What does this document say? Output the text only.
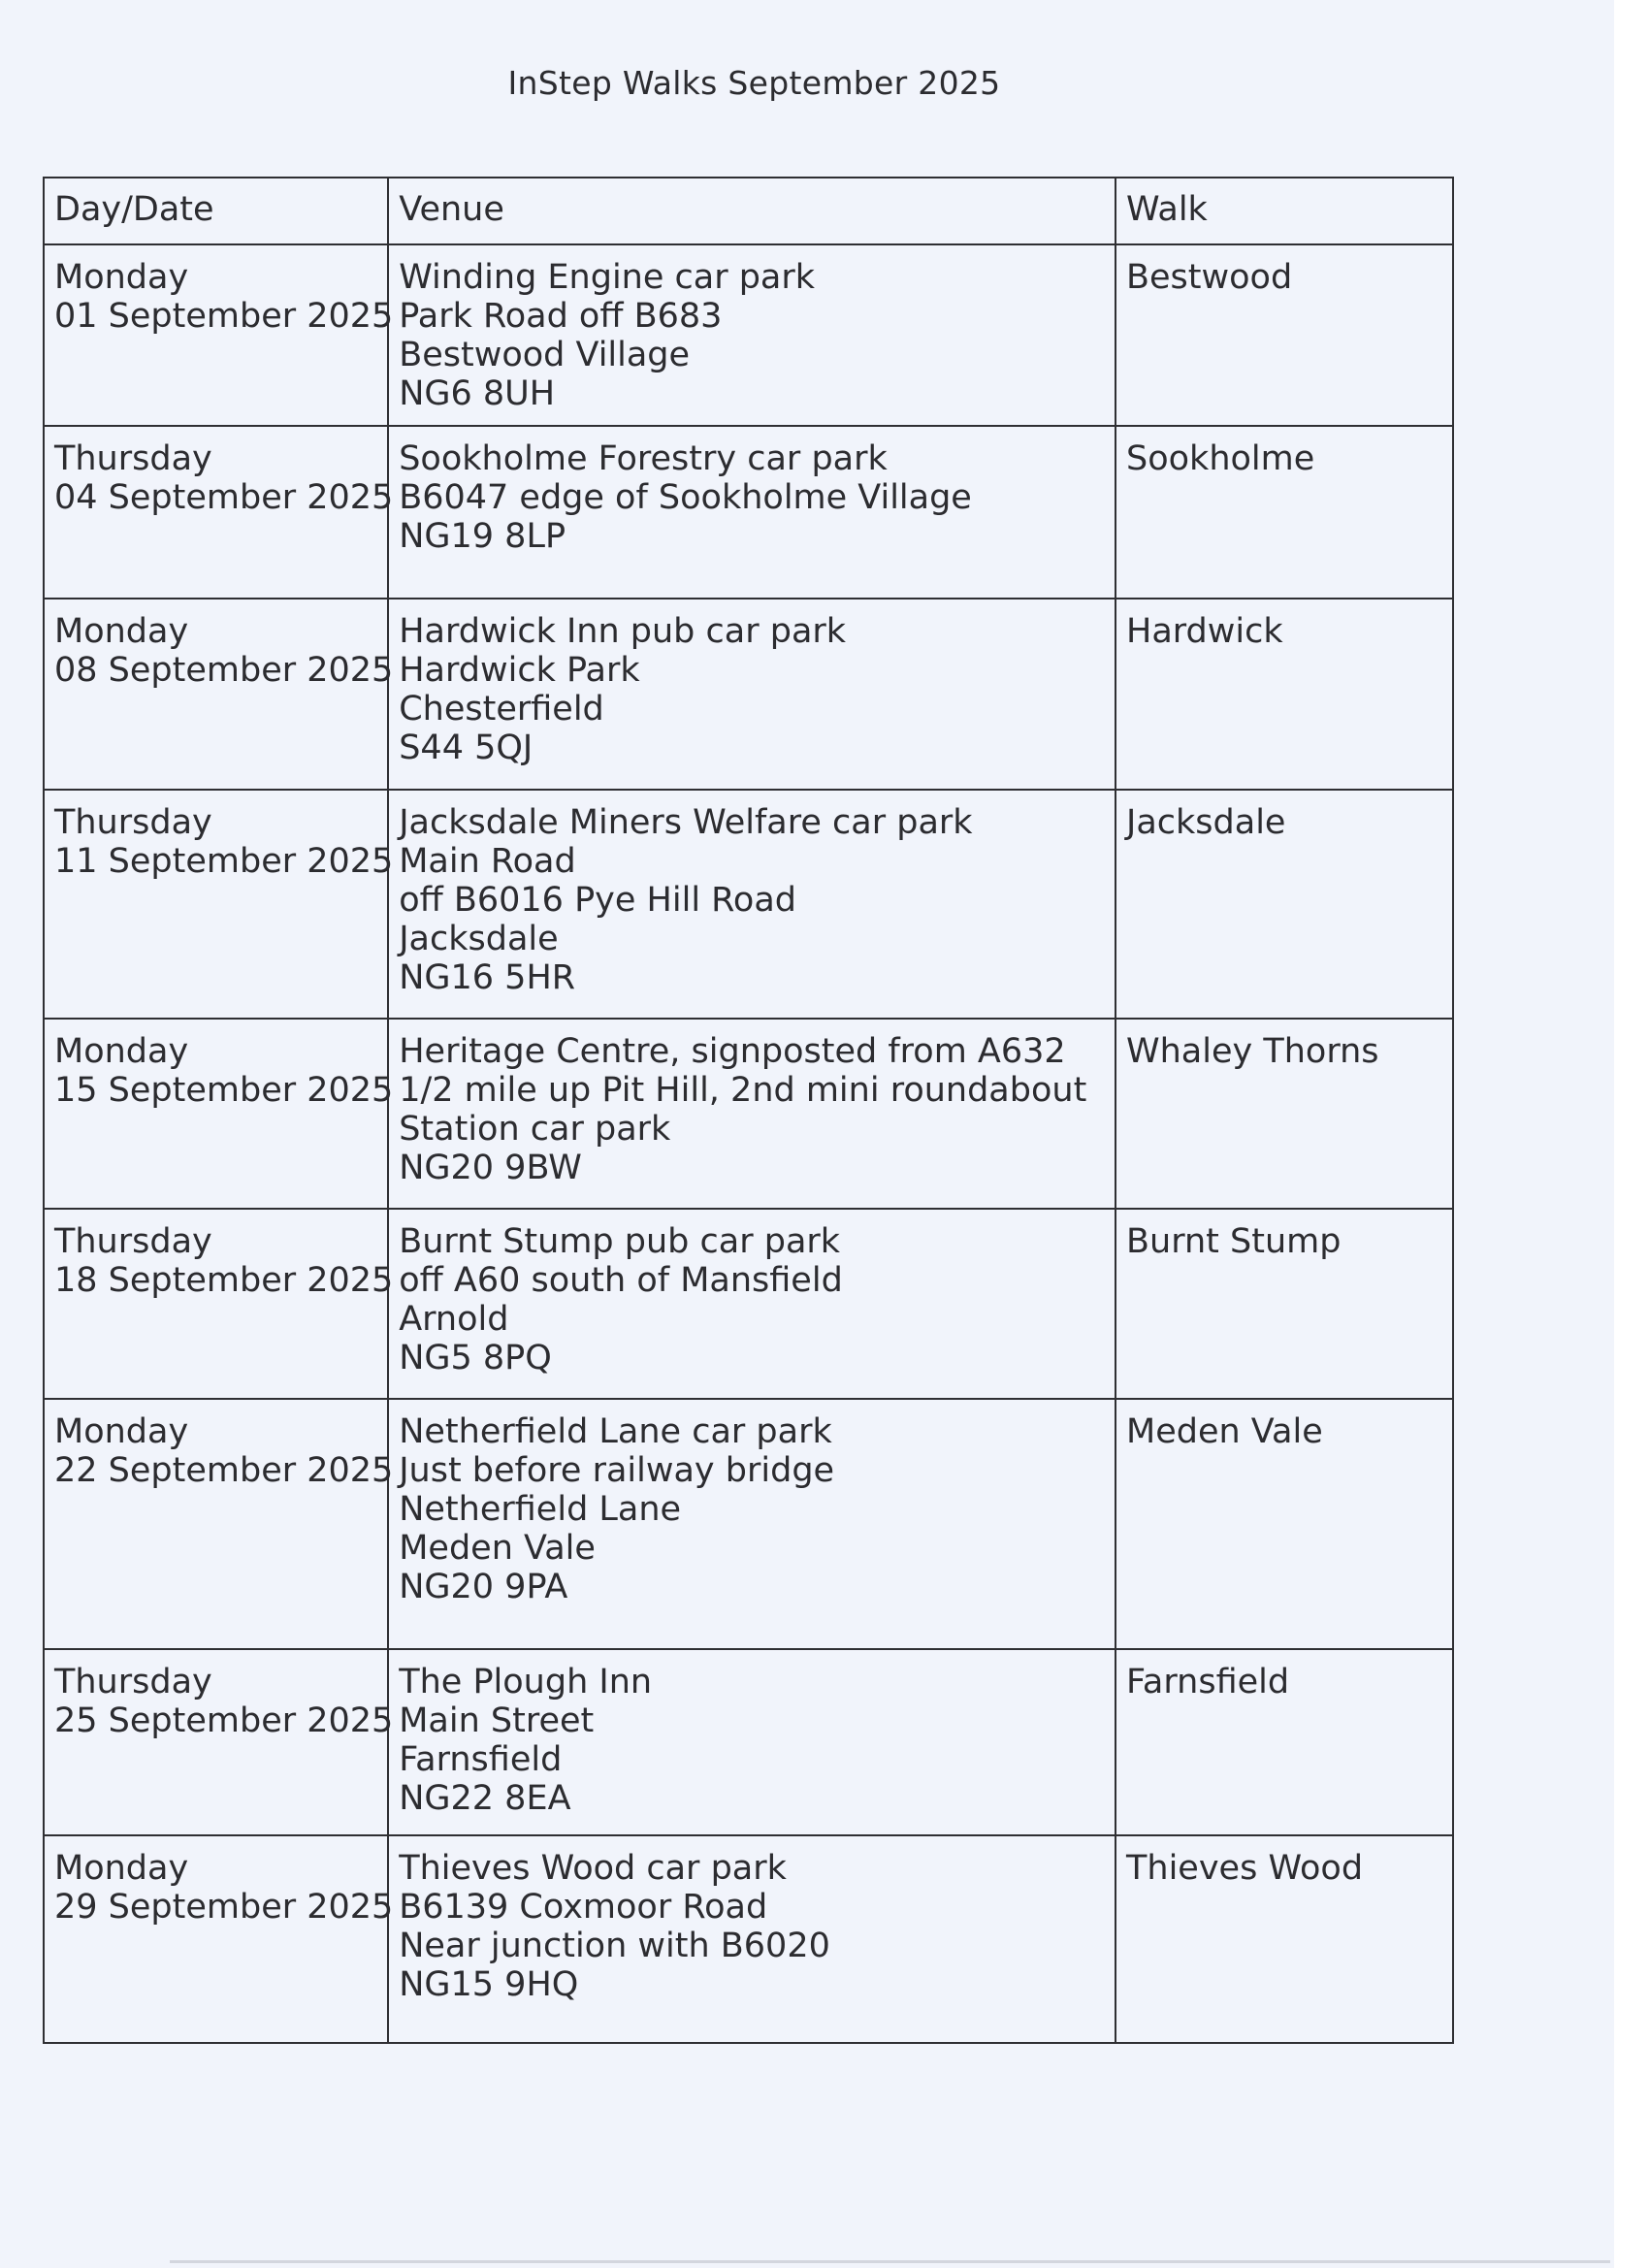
InStep Walks September 2025
Day/Date	Venue	Walk

Monday
01 September 2025	Winding Engine car park
Park Road off B683
Bestwood Village
NG6 8UH	Bestwood

Thursday
04 September 2025	Sookholme Forestry car park
B6047 edge of Sookholme Village
NG19 8LP	Sookholme

Monday
08 September 2025	Hardwick Inn pub car park
Hardwick Park
Chesterfield
S44 5QJ	Hardwick

Thursday
11 September 2025	Jacksdale Miners Welfare car park
Main Road
off B6016 Pye Hill Road
Jacksdale
NG16 5HR	Jacksdale

Monday
15 September 2025	Heritage Centre, signposted from A632
1/2 mile up Pit Hill, 2nd mini roundabout
Station car park
NG20 9BW	Whaley Thorns

Thursday
18 September 2025	Burnt Stump pub car park
off A60 south of Mansfield
Arnold
NG5 8PQ	Burnt Stump

Monday
22 September 2025	Netherfield Lane car park
Just before railway bridge
Netherfield Lane
Meden Vale
NG20 9PA	Meden Vale

Thursday
25 September 2025	The Plough Inn
Main Street
Farnsfield
NG22 8EA	Farnsfield

Monday
29 September 2025	Thieves Wood car park
B6139 Coxmoor Road
Near junction with B6020
NG15 9HQ	Thieves Wood
